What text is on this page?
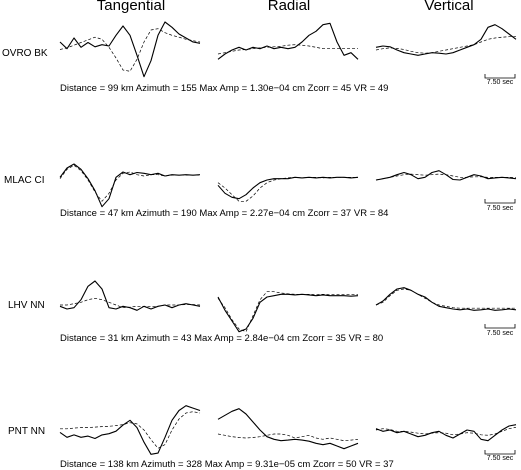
Tangential	Radial	Vertical
OVRO BK
Distance = 99 km Azimuth = 155 Max Amp = 1.30e−04 cm Zcorr = 45 VR = 49
7.50 sec
MLAC CI
Distance = 47 km Azimuth = 190 Max Amp = 2.27e−04 cm Zcorr = 37 VR = 84	7.50 sec
LHV NN
Distance = 31 km Azimuth = 43 Max Amp = 2.84e−04 cm Zcorr = 35 VR = 80	7.50 sec
PNT NN
Distance = 138 km Azimuth = 328 Max Amp = 9.31e−05 cm Zcorr = 50 VR = 37
7.50 sec
